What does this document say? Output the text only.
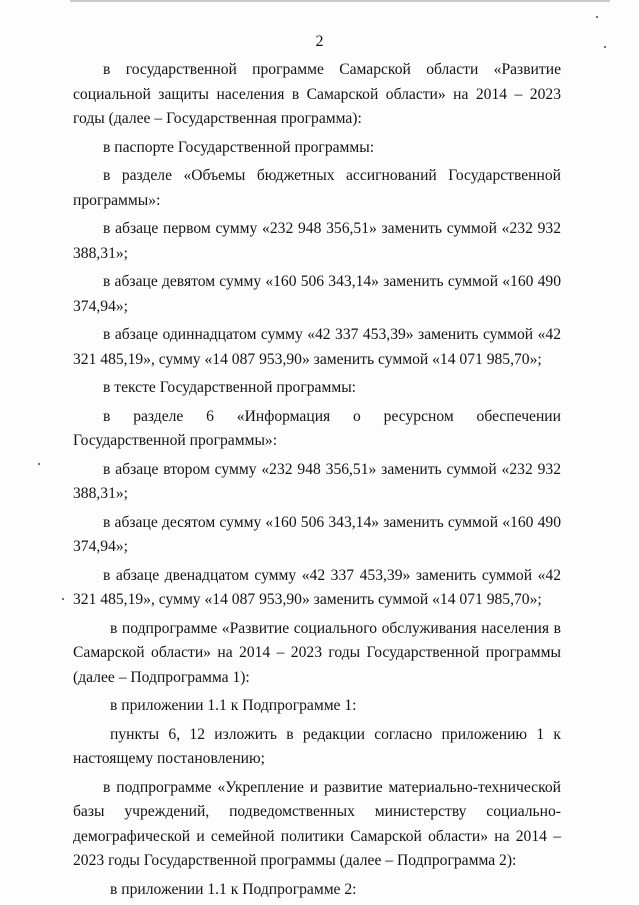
2

в государственной программе Самарской области «Развитие социальной защиты населения в Самарской области» на 2014 – 2023 годы (далее – Государственная программа):

в паспорте Государственной программы:

в разделе «Объемы бюджетных ассигнований Государственной программы»:

в абзаце первом сумму «232 948 356,51» заменить суммой «232 932 388,31»;

в абзаце девятом сумму «160 506 343,14» заменить суммой «160 490 374,94»;

в абзаце одиннадцатом сумму «42 337 453,39» заменить суммой «42 321 485,19», сумму «14 087 953,90» заменить суммой «14 071 985,70»;

в тексте Государственной программы:

в разделе 6 «Информация о ресурсном обеспечении Государственной программы»:

в абзаце втором сумму «232 948 356,51» заменить суммой «232 932 388,31»;

в абзаце десятом сумму «160 506 343,14» заменить суммой «160 490 374,94»;

в абзаце двенадцатом сумму «42 337 453,39» заменить суммой «42 321 485,19», сумму «14 087 953,90» заменить суммой «14 071 985,70»;

в подпрограмме «Развитие социального обслуживания населения в Самарской области» на 2014 – 2023 годы Государственной программы (далее – Подпрограмма 1):

в приложении 1.1 к Подпрограмме 1:

пункты 6, 12 изложить в редакции согласно приложению 1 к настоящему постановлению;

в подпрограмме «Укрепление и развитие материально-технической базы учреждений, подведомственных министерству социально-демографической и семейной политики Самарской области» на 2014 – 2023 годы Государственной программы (далее – Подпрограмма 2):

в приложении 1.1 к Подпрограмме 2:
